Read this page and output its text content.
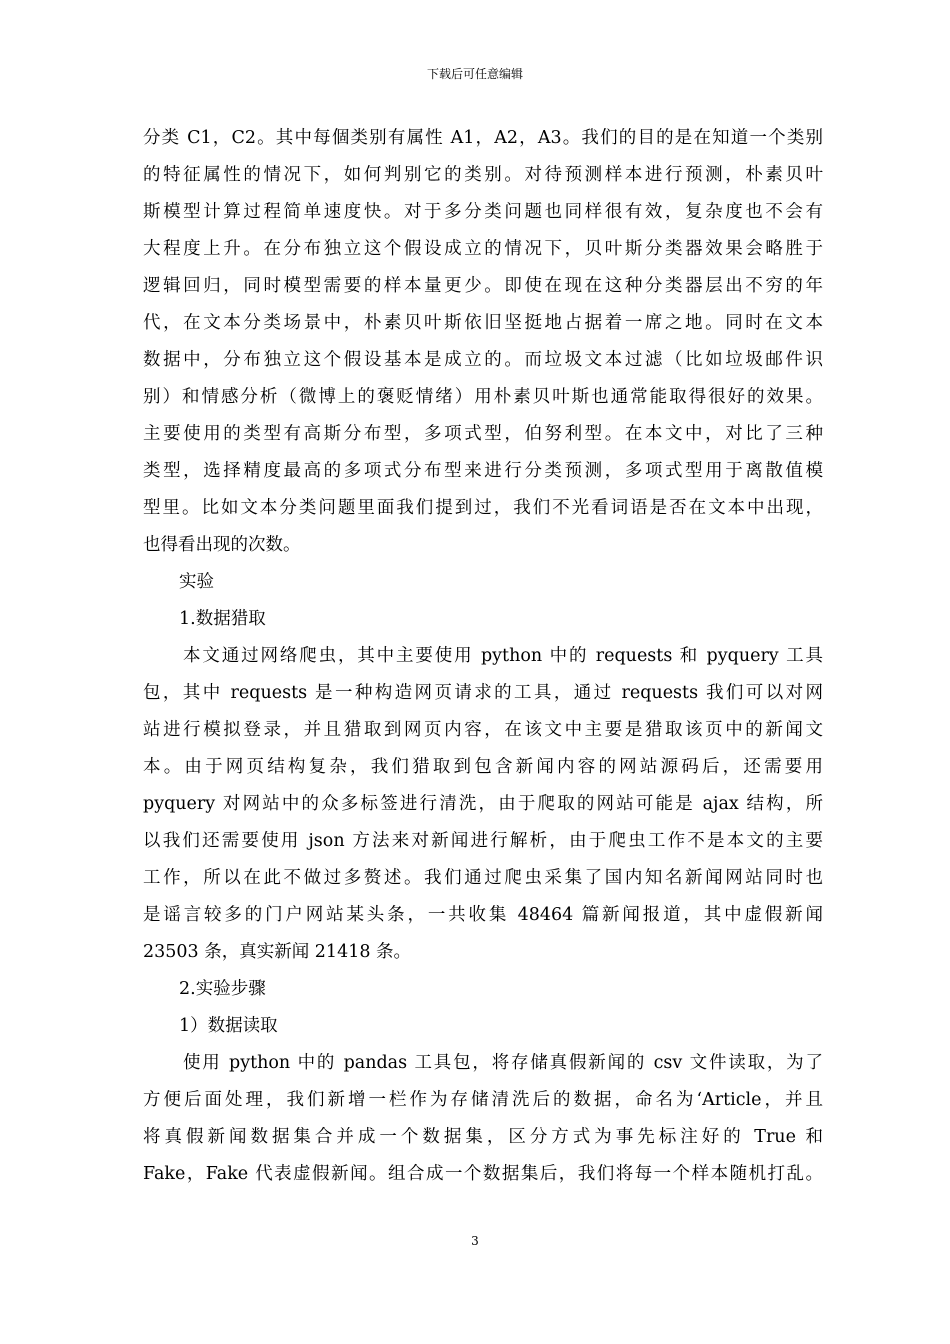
下载后可任意编辑
分类 C1，C2。其中每個类别有属性 A1，A2，A3。我们的目的是在知道一个类别
的特征属性的情况下，如何判别它的类别。对待预测样本进行预测，朴素贝叶
斯模型计算过程简单速度快。对于多分类问题也同样很有效，复杂度也不会有
大程度上升。在分布独立这个假设成立的情况下，贝叶斯分类器效果会略胜于
逻辑回归，同时模型需要的样本量更少。即使在现在这种分类器层出不穷的年
代，在文本分类场景中，朴素贝叶斯依旧坚挺地占据着一席之地。同时在文本
数据中，分布独立这个假设基本是成立的。而垃圾文本过滤（比如垃圾邮件识
别）和情感分析（微博上的褒贬情绪）用朴素贝叶斯也通常能取得很好的效果。
主要使用的类型有高斯分布型，多项式型，伯努利型。在本文中，对比了三种
类型，选择精度最高的多项式分布型来进行分类预测，多项式型用于离散值模
型里。比如文本分类问题里面我们提到过，我们不光看词语是否在文本中出现，
也得看出现的次数。
实验
1.数据猎取
本文通过网络爬虫，其中主要使用 python 中的 requests 和 pyquery 工具
包，其中 requests 是一种构造网页请求的工具，通过 requests 我们可以对网
站进行模拟登录，并且猎取到网页内容，在该文中主要是猎取该页中的新闻文
本。由于网页结构复杂，我们猎取到包含新闻内容的网站源码后，还需要用
pyquery 对网站中的众多标签进行清洗，由于爬取的网站可能是 ajax 结构，所
以我们还需要使用 json 方法来对新闻进行解析，由于爬虫工作不是本文的主要
工作，所以在此不做过多赘述。我们通过爬虫采集了国内知名新闻网站同时也
是谣言较多的门户网站某头条，一共收集 48464 篇新闻报道，其中虚假新闻
23503 条，真实新闻 21418 条。
2.实验步骤
1）数据读取
使用 python 中的 pandas 工具包，将存储真假新闻的 csv 文件读取，为了
方便后面处理，我们新增一栏作为存储清洗后的数据，命名为‘Article，并且
将真假新闻数据集合并成一个数据集，区分方式为事先标注好的 True 和
Fake，Fake 代表虚假新闻。组合成一个数据集后，我们将每一个样本随机打乱。
3
